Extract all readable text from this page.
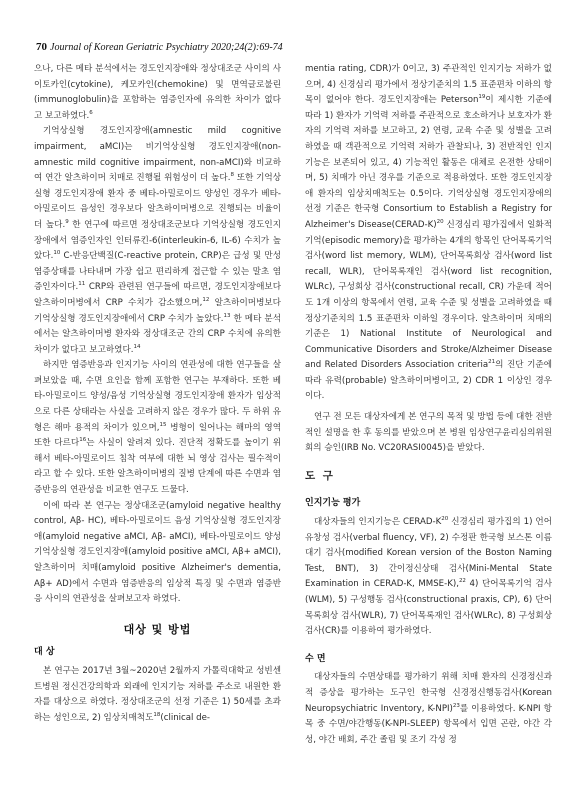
70 Journal of Korean Geriatric Psychiatry 2020;24(2):69-74

으나, 다른 메타 분석에서는 경도인지장애와 정상대조군 사이의 사이토카인(cytokine), 케모카인(chemokine) 및 면역글로불린(immunoglobulin)을 포함하는 염증인자에 유의한 차이가 없다고 보고하였다.$^6$

기억상실형 경도인지장애(amnestic mild cognitive impairment, aMCI)는 비기억상실형 경도인지장애(non-amnestic mild cognitive impairment, non-aMCI)와 비교하여 연간 알츠하이머 치매로 진행될 위험성이 더 높다.$^8$ 또한 기억상실형 경도인지장애 환자 중 베타-아밀로이드 양성인 경우가 베타-아밀로이드 음성인 경우보다 알츠하이머병으로 진행되는 비율이 더 높다.$^9$ 한 연구에 따르면 정상대조군보다 기억상실형 경도인지장애에서 염증인자인 인터류킨-6(interleukin-6, IL-6) 수치가 높았다.$^{10}$ C-반응단백질(C-reactive protein, CRP)은 급성 및 만성 염증상태를 나타내며 가장 쉽고 편리하게 접근할 수 있는 말초 염증인자이다.$^{11}$ CRP와 관련된 연구들에 따르면, 경도인지장애보다 알츠하이머병에서 CRP 수치가 감소했으며,$^{12}$ 알츠하이머병보다 기억상실형 경도인지장애에서 CRP 수치가 높았다.$^{13}$ 한 메타 분석에서는 알츠하이머병 환자와 정상대조군 간의 CRP 수치에 유의한 차이가 없다고 보고하였다.$^{14}$

하지만 염증반응과 인지기능 사이의 연관성에 대한 연구들을 살펴보았을 때, 수면 요인을 함께 포함한 연구는 부재하다. 또한 베타-아밀로이드 양성/음성 기억상실형 경도인지장애 환자가 임상적으로 다른 상태라는 사실을 고려하지 않은 경우가 많다. 두 하위 유형은 해마 용적의 차이가 있으며,$^{15}$ 병형이 일어나는 해마의 영역 또한 다르다$^{16}$는 사실이 알려져 있다. 진단적 정확도를 높이기 위해서 베타-아밀로이드 침착 여부에 대한 뇌 영상 검사는 필수적이라고 할 수 있다. 또한 알츠하이머병의 질병 단계에 따른 수면과 염증반응의 연관성을 비교한 연구도 드물다.

이에 따라 본 연구는 정상대조군(amyloid negative healthy control, Aβ- HC), 베타-아밀로이드 음성 기억상실형 경도인지장애(amyloid negative aMCI, Aβ- aMCI), 베타-아밀로이드 양성 기억상실형 경도인지장애(amyloid positive aMCI, Aβ+ aMCI), 알츠하이머 치매(amyloid positive Alzheimer's dementia, Aβ+ AD)에서 수면과 염증반응의 임상적 특징 및 수면과 염증반응 사이의 연관성을 살펴보고자 하였다.

대상 및 방법
대 상

본 연구는 2017년 3월~2020년 2월까지 가톨릭대학교 성빈센트병원 정신건강의학과 외래에 인지기능 저하를 주소로 내원한 환자를 대상으로 하였다. 정상대조군의 선정 기준은 1) 50세를 초과하는 성인으로, 2) 임상치매척도$^{18}$(clinical de-

mentia rating, CDR)가 0이고, 3) 주관적인 인지기능 저하가 없으며, 4) 신경심리 평가에서 정상기준치의 1.5 표준편차 이하의 항목이 없어야 한다. 경도인지장애는 Peterson$^{19}$이 제시한 기준에 따라 1) 환자가 기억력 저하를 주관적으로 호소하거나 보호자가 환자의 기억력 저하를 보고하고, 2) 연령, 교육 수준 및 성별을 고려하였을 때 객관적으로 기억력 저하가 관찰되나, 3) 전반적인 인지기능은 보존되어 있고, 4) 기능적인 활동은 대체로 온전한 상태이며, 5) 치매가 아닌 경우를 기준으로 적용하였다. 또한 경도인지장애 환자의 임상치매척도는 0.5이다. 기억상실형 경도인지장애의 선정 기준은 한국형 Consortium to Establish a Registry for Alzheimer's Disease(CERAD-K)$^{20}$ 신경심리 평가집에서 일화적 기억(episodic memory)을 평가하는 4개의 항목인 단어목록기억 검사(word list memory, WLM), 단어목록회상 검사(word list recall, WLR), 단어목록재인 검사(word list recognition, WLRc), 구성회상 검사(constructional recall, CR) 가운데 적어도 1개 이상의 항목에서 연령, 교육 수준 및 성별을 고려하였을 때 정상기준치의 1.5 표준편차 이하일 경우이다. 알츠하이머 치매의 기준은 1) National Institute of Neurological and Communicative Disorders and Stroke/Alzheimer Disease and Related Disorders Association criteria$^{21}$의 진단 기준에 따라 유력(probable) 알츠하이머병이고, 2) CDR 1 이상인 경우이다.

연구 전 모든 대상자에게 본 연구의 목적 및 방법 등에 대한 전반적인 설명을 한 후 동의를 받았으며 본 병원 임상연구윤리심의위원회의 승인(IRB No. VC20RASI0045)을 받았다.

도 구
인지기능 평가

대상자들의 인지기능은 CERAD-$K^{20}$ 신경심리 평가집의 1) 언어유창성 검사(verbal fluency, VF), 2) 수정판 한국형 보스톤 이름대기 검사(modified Korean version of the Boston Naming Test, BNT), 3) 간이정신상태 검사(Mini-Mental State Examination in CERAD-K, MMSE-K),$^{22}$ 4) 단어목록기억 검사(WLM), 5) 구성행동 검사(constructional praxis, CP), 6) 단어목록회상 검사(WLR), 7) 단어목록재인 검사(WLRc), 8) 구성회상 검사(CR)를 이용하여 평가하였다.

수 면

대상자들의 수면상태를 평가하기 위해 치매 환자의 신경정신과적 증상을 평가하는 도구인 한국형 신경정신행동검사(Korean Neuropsychiatric Inventory, K-NPI)$^{23}$를 이용하였다. K-NPI 항목 중 수면/야간행동(K-NPI-SLEEP) 항목에서 입면 곤란, 야간 각성, 야간 배회, 주간 졸림 및 조기 각성 정
